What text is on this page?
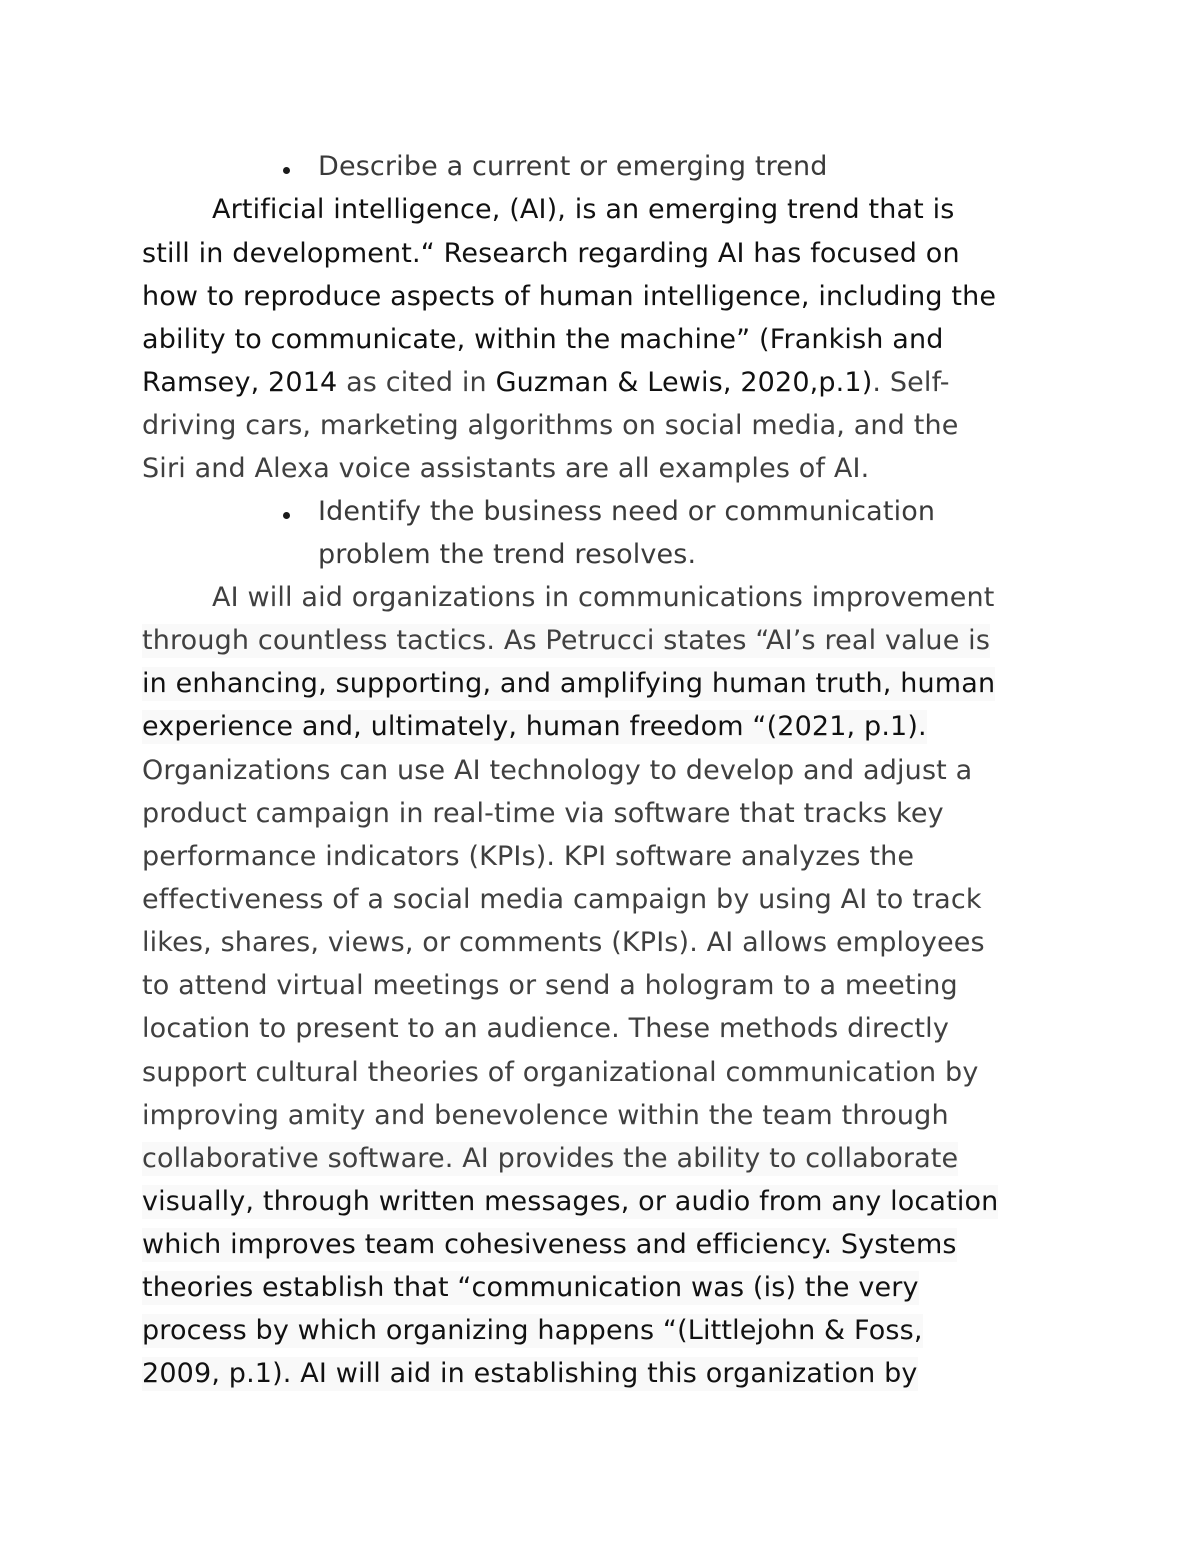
Describe a current or emerging trend
Artificial intelligence, (AI), is an emerging trend that is
still in development.“ Research regarding AI has focused on
how to reproduce aspects of human intelligence, including the
ability to communicate, within the machine” (Frankish and
Ramsey, 2014 as cited in Guzman & Lewis, 2020,p.1). Self-
driving cars, marketing algorithms on social media, and the
Siri and Alexa voice assistants are all examples of AI.
Identify the business need or communication
problem the trend resolves.
AI will aid organizations in communications improvement
through countless tactics. As Petrucci states “AI’s real value is
in enhancing, supporting, and amplifying human truth, human
experience and, ultimately, human freedom “(2021, p.1).
Organizations can use AI technology to develop and adjust a
product campaign in real-time via software that tracks key
performance indicators (KPIs). KPI software analyzes the
effectiveness of a social media campaign by using AI to track
likes, shares, views, or comments (KPIs). AI allows employees
to attend virtual meetings or send a hologram to a meeting
location to present to an audience. These methods directly
support cultural theories of organizational communication by
improving amity and benevolence within the team through
collaborative software. AI provides the ability to collaborate
visually, through written messages, or audio from any location
which improves team cohesiveness and efficiency. Systems
theories establish that “communication was (is) the very
process by which organizing happens “(Littlejohn & Foss,
2009, p.1). AI will aid in establishing this organization by
